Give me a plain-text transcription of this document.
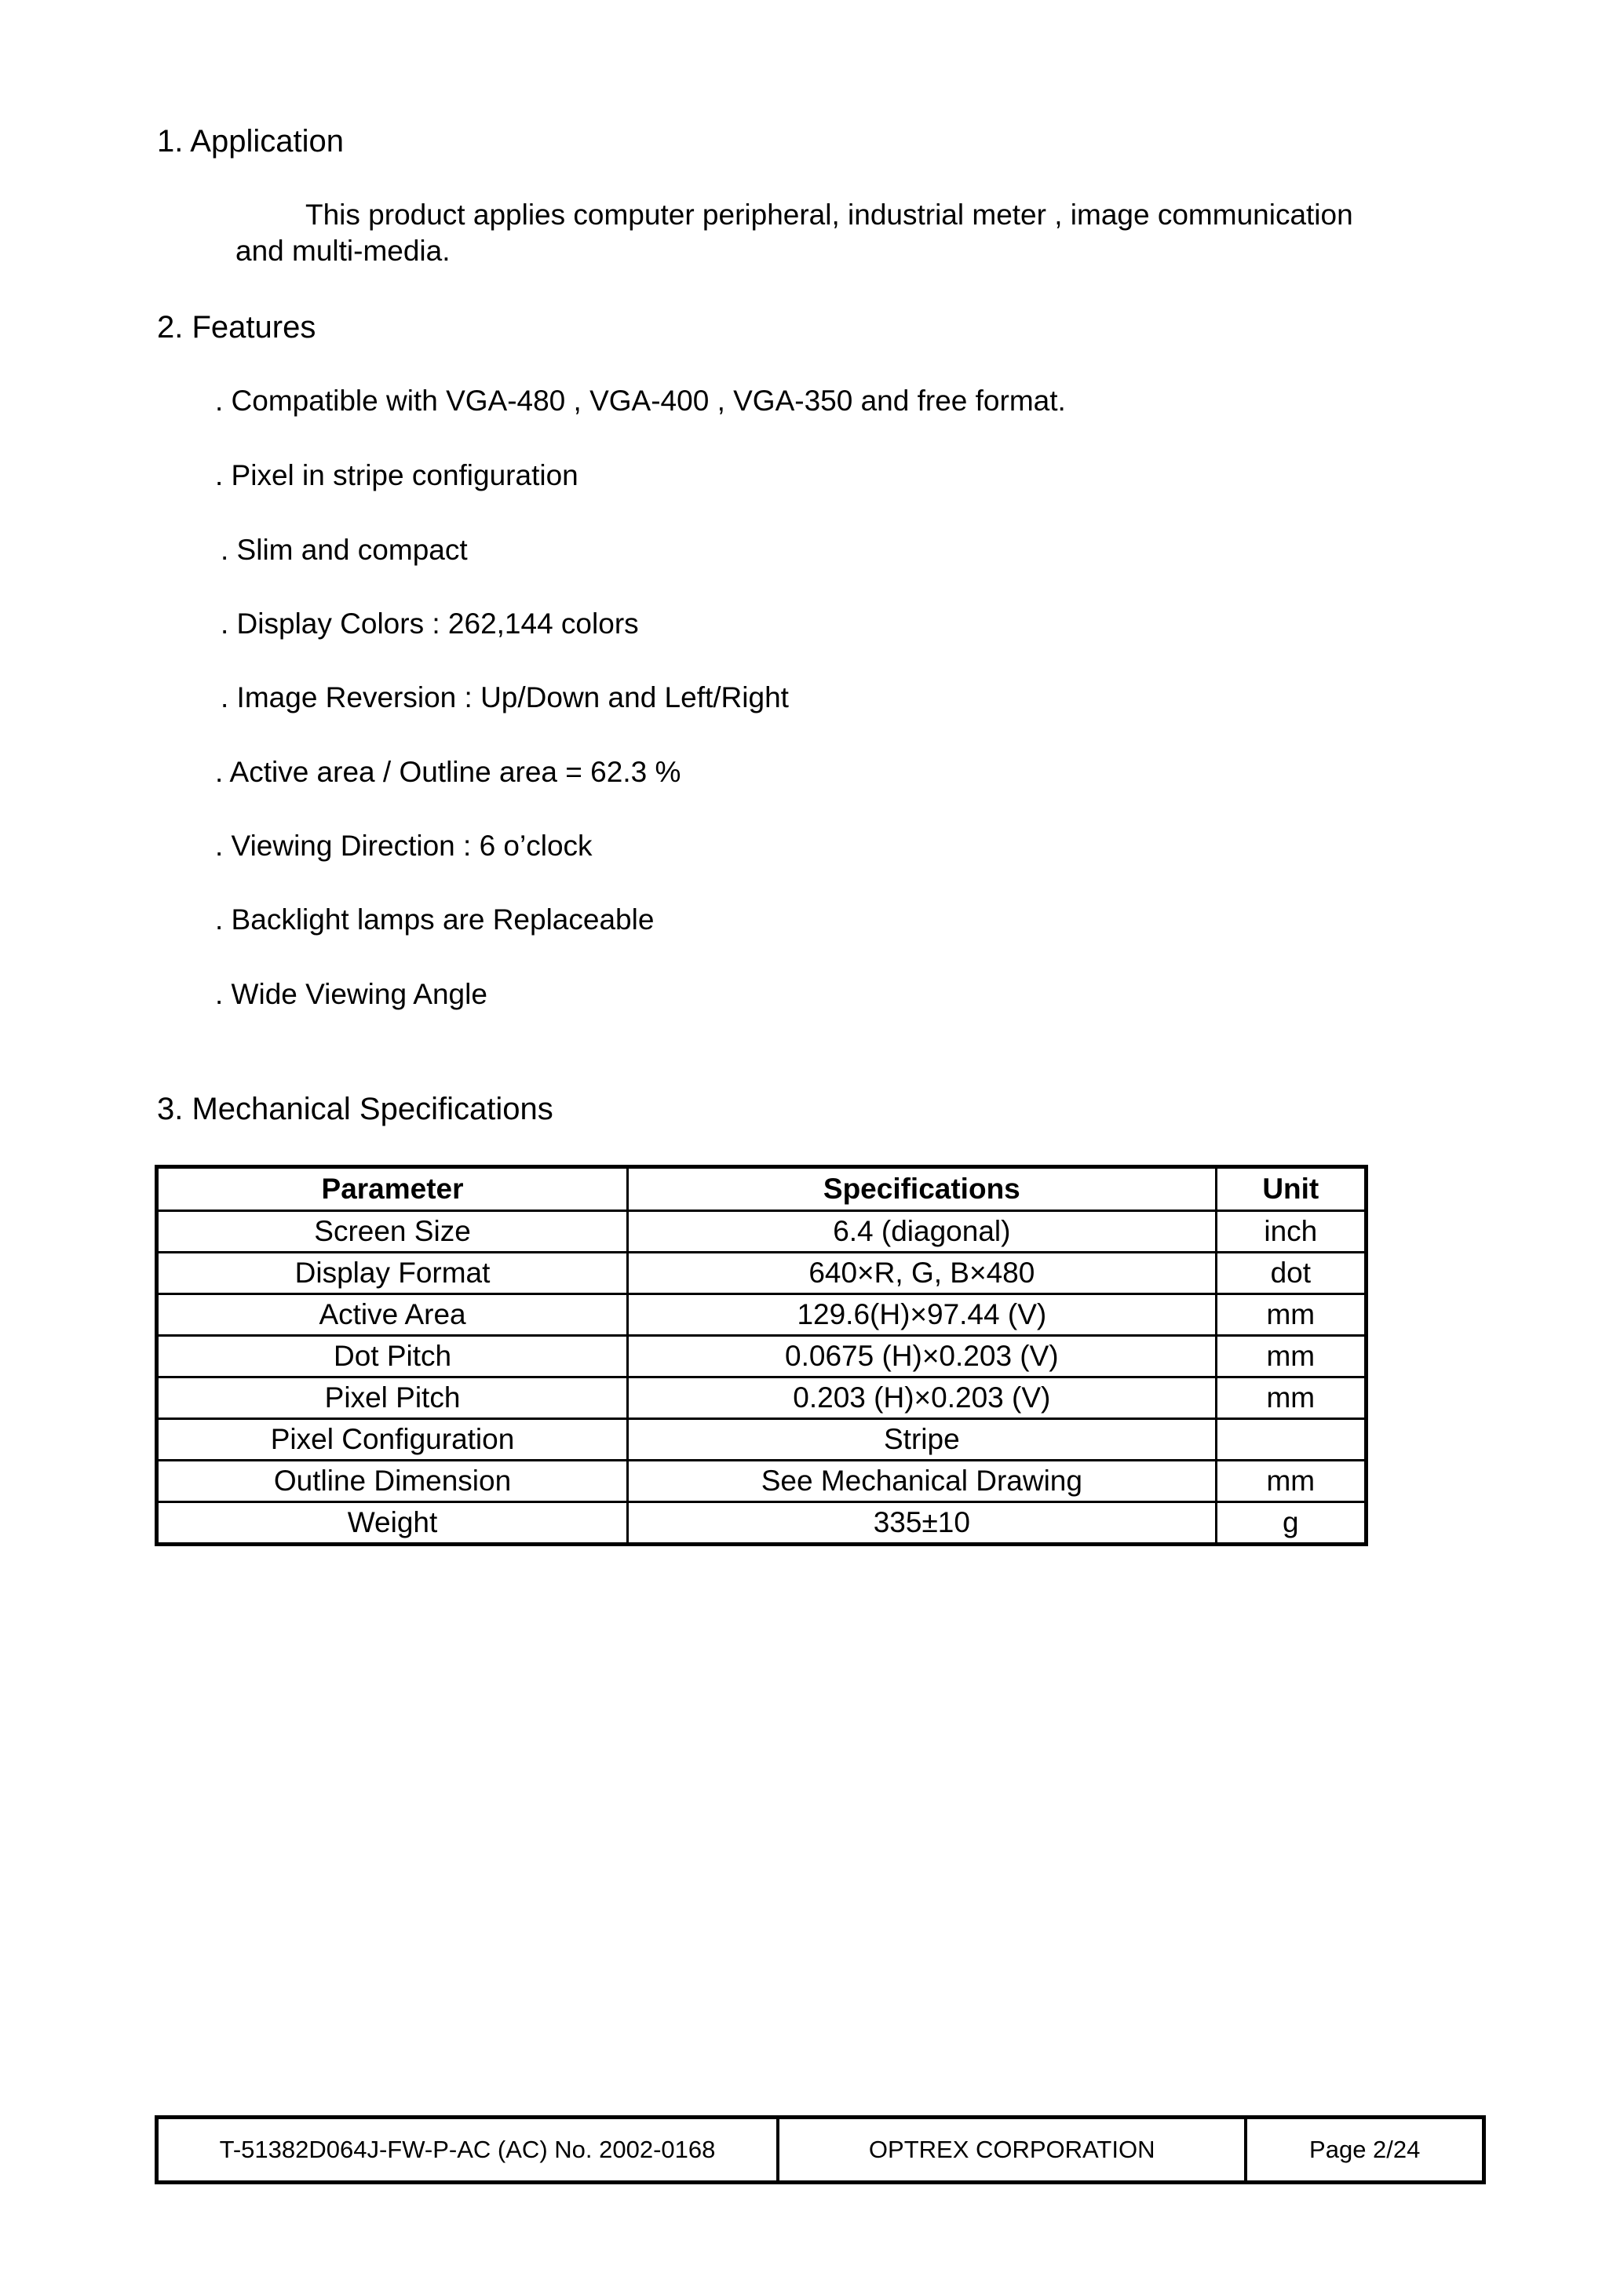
1. Application

This product applies computer peripheral, industrial meter , image communication

and multi-media.

2. Features

. Compatible with VGA-480 , VGA-400 , VGA-350 and free format.

. Pixel in stripe configuration

. Slim and compact

. Display Colors : 262,144 colors

. Image Reversion : Up/Down and Left/Right

. Active area / Outline area = 62.3 %

. Viewing Direction : 6 o’clock

. Backlight lamps are Replaceable

. Wide Viewing Angle

3. Mechanical Specifications
Parameter	Specifications	Unit
Screen Size	6.4 (diagonal)	inch
Display Format	640×R, G, B×480	dot
Active Area	129.6(H)×97.44 (V)	mm
Dot Pitch	0.0675 (H)×0.203 (V)	mm
Pixel Pitch	0.203 (H)×0.203 (V)	mm
Pixel Configuration	Stripe	
Outline Dimension	See Mechanical Drawing	mm
Weight	335±10	g
T-51382D064J-FW-P-AC (AC) No. 2002-0168	OPTREX CORPORATION	Page 2/24
